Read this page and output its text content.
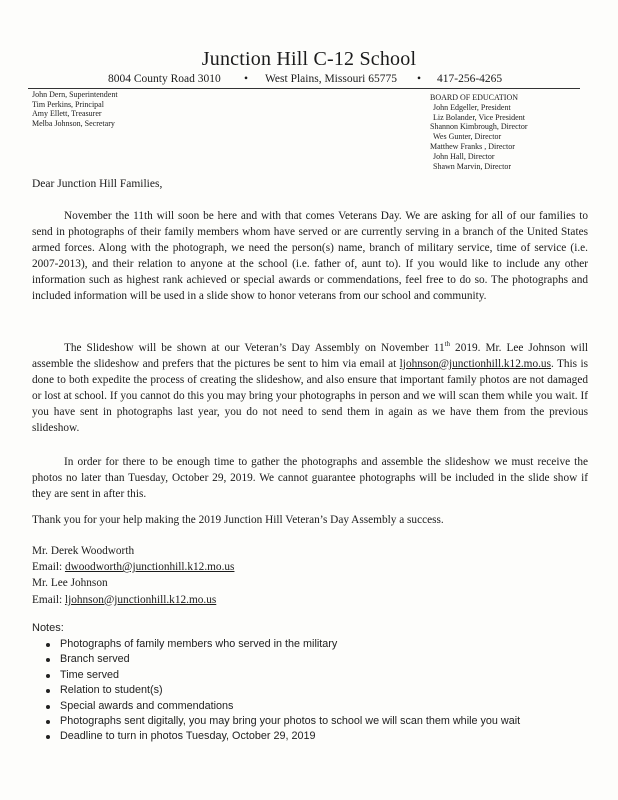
Junction Hill C-12 School
8004 County Road 3010 • West Plains, Missouri 65775 • 417-256-4265
John Dern, Superintendent
Tim Perkins, Principal
Amy Ellett, Treasurer
Melba Johnson, Secretary
BOARD OF EDUCATION
John Edgeller, President
Liz Bolander, Vice President
Shannon Kimbrough, Director
Wes Gunter, Director
Matthew Franks , Director
John Hall, Director
Shawn Marvin, Director
Dear Junction Hill Families,

November the 11th will soon be here and with that comes Veterans Day. We are asking for all of our families to send in photographs of their family members whom have served or are currently serving in a branch of the United States armed forces. Along with the photograph, we need the person(s) name, branch of military service, time of service (i.e. 2007-2013), and their relation to anyone at the school (i.e. father of, aunt to). If you would like to include any other information such as highest rank achieved or special awards or commendations, feel free to do so. The photographs and included information will be used in a slide show to honor veterans from our school and community.

The Slideshow will be shown at our Veteran’s Day Assembly on November 11th 2019. Mr. Lee Johnson will assemble the slideshow and prefers that the pictures be sent to him via email at ljohnson@junctionhill.k12.mo.us. This is done to both expedite the process of creating the slideshow, and also ensure that important family photos are not damaged or lost at school. If you cannot do this you may bring your photographs in person and we will scan them while you wait. If you have sent in photographs last year, you do not need to send them in again as we have them from the previous slideshow.

In order for there to be enough time to gather the photographs and assemble the slideshow we must receive the photos no later than Tuesday, October 29, 2019. We cannot guarantee photographs will be included in the slide show if they are sent in after this.

Thank you for your help making the 2019 Junction Hill Veteran’s Day Assembly a success.
Mr. Derek Woodworth
Email: dwoodworth@junctionhill.k12.mo.us
Mr. Lee Johnson
Email: ljohnson@junctionhill.k12.mo.us
Notes:
Photographs of family members who served in the military
Branch served
Time served
Relation to student(s)
Special awards and commendations
Photographs sent digitally, you may bring your photos to school we will scan them while you wait
Deadline to turn in photos Tuesday, October 29, 2019
